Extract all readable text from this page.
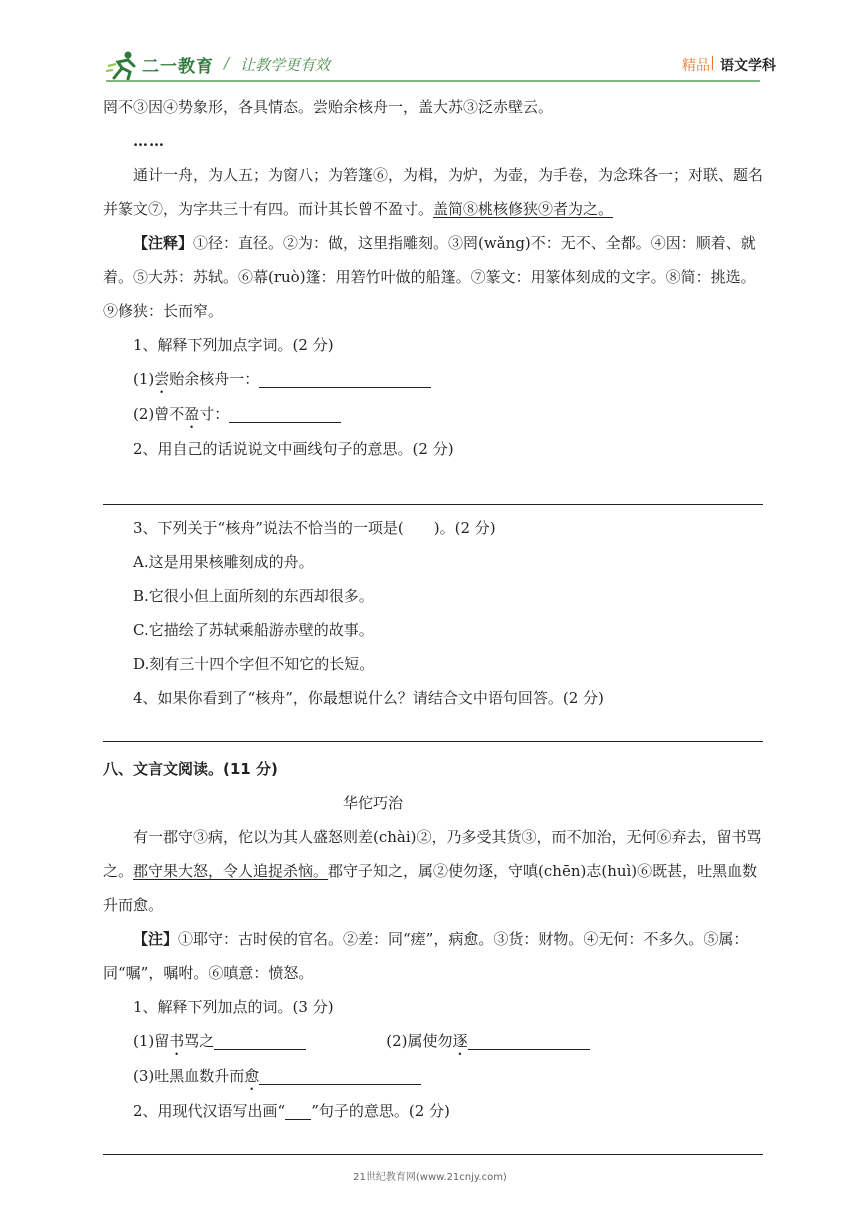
二一教育 / 让教学更有效	精品 语文学科

罔不③因④势象形，各具情态。尝贻余核舟一，盖大苏③泛赤壁云。

……

通计一舟，为人五；为窗八；为箬篷⑥，为楫，为炉，为壶，为手卷，为念珠各一；对联、题名并篆文⑦，为字共三十有四。而计其长曾不盈寸。盖简⑧桃核修狭⑨者为之。

【注释】①径：直径。②为：做，这里指雕刻。③罔(wǎng)不：无不、全都。④因：顺着、就着。⑤大苏：苏轼。⑥幕(ruò)篷：用箬竹叶做的船篷。⑦篆文：用篆体刻成的文字。⑧简：挑选。⑨修狭：长而窄。

1、解释下列加点字词。(2 分)

(1)尝贻余核舟一：

(2)曾不盈寸：

2、用自己的话说说文中画线句子的意思。(2 分)

3、下列关于“核舟”说法不恰当的一项是(　　)。(2 分)

A.这是用果核雕刻成的舟。

B.它很小但上面所刻的东西却很多。

C.它描绘了苏轼乘船游赤壁的故事。

D.刻有三十四个字但不知它的长短。

4、如果你看到了“核舟”，你最想说什么？请结合文中语句回答。(2 分)

八、文言文阅读。(11 分)

华佗巧治

有一郡守③病，佗以为其人盛怒则差(chài)②，乃多受其货③，而不加治，无何⑥弃去，留书骂之。郡守果大怒，令人追捉杀恼。郡守子知之，属②使勿逐，守嗔(chēn)志(huì)⑥既甚，吐黑血数升而愈。

【注】①耶守：古时侯的官名。②差：同“瘥”，病愈。③货：财物。④无何：不多久。⑤属：同“嘱”，嘱咐。⑥嗔意：愤怒。

1、解释下列加点的词。(3 分)

(1)留书骂之	(2)属使勿逐

(3)吐黑血数升而愈

2、用现代汉语写出画“ ”句子的意思。(2 分)

21世纪教育网(www.21cnjy.com)
